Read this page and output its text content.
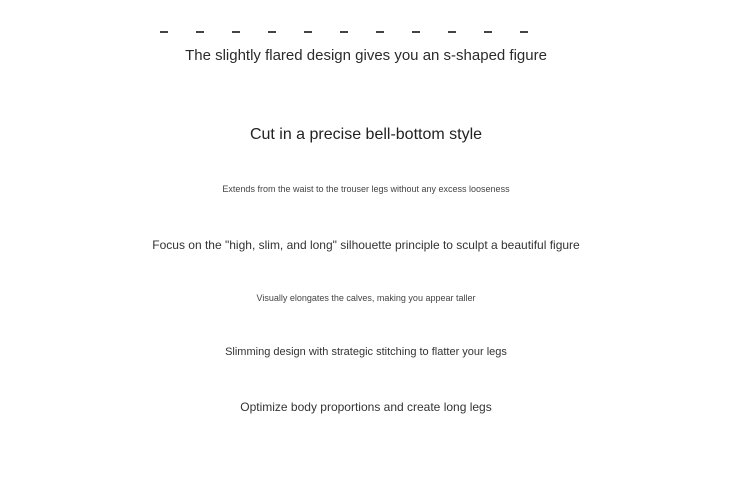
The slightly flared design gives you an s-shaped figure
Cut in a precise bell-bottom style
Extends from the waist to the trouser legs without any excess looseness
Focus on the "high, slim, and long" silhouette principle to sculpt a beautiful figure
Visually elongates the calves, making you appear taller
Slimming design with strategic stitching to flatter your legs
Optimize body proportions and create long legs
